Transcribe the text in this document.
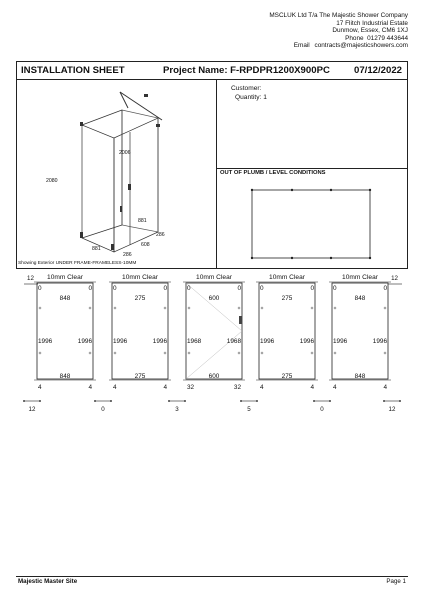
MSCLUK Ltd T/a The Majestic Shower Company
17 Flitch Industrial Estate
Dunmow, Essex, CM6 1XJ
Phone 01279 443644
Email contracts@majesticshowers.com
INSTALLATION SHEET	Project Name: F-RPDPR1200X900PC	07/12/2022
Customer:
Quantity: 1
OUT OF PLUMB / LEVEL CONDITIONS
2080
2006
881
881
608
286
286
Showing Exterior UNDER FRAME-FRAMELESS-10MM
10mm Clear
0	0
848
1996	1996
848
4	4
10mm Clear
0	0
275
1996	1996
275
4	4
10mm Clear
0	0
600
1968	1968
600
32	32
10mm Clear
0	0
275
1996	1996
275
4	4
10mm Clear
0	0
848
1996	1996
848
4	4
12	12
12	0	3	5	0	12
Majestic Master Site	Page 1
